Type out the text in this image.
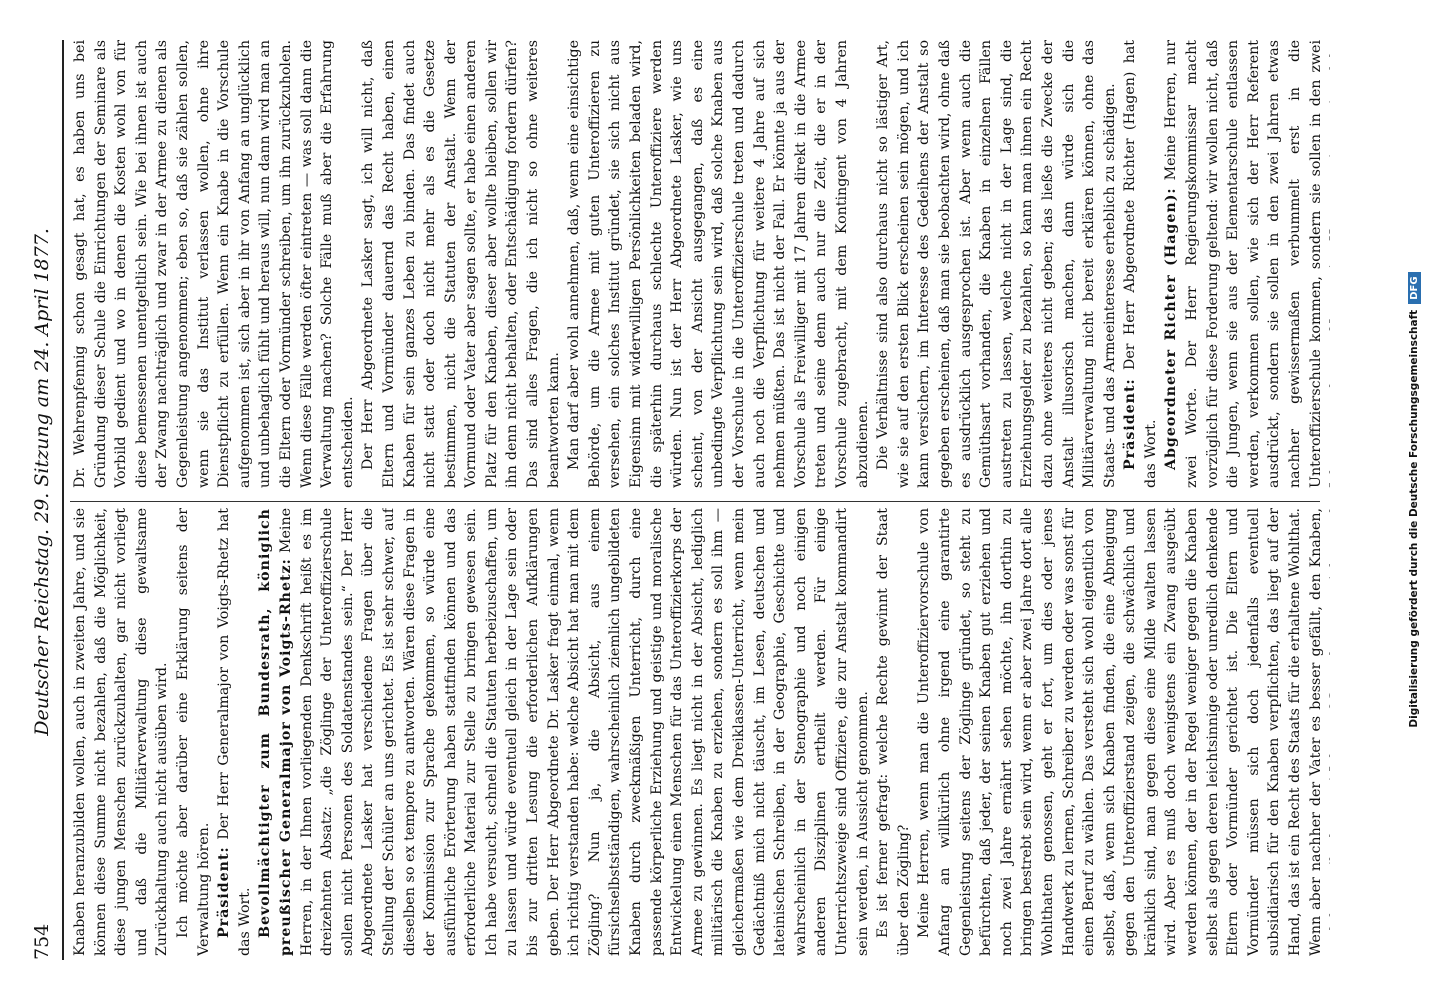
754
Deutscher Reichstag. 29. Sitzung am 24. April 1877. Knaben heranzubilden wollen, auch in zweiten Jahre, und sie können diese Summe nicht bezahlen, daß die Möglichkeit, diese jungen Menschen zurückzuhalten, gar nicht vorliegt und daß die Militärverwaltung diese gewaltsame Zurückhaltung auch nicht ausüben wird. Ich möchte aber darüber eine Erklärung seitens der Verwaltung hören. Präsident: Der Herr Generalmajor von Voigts-Rhetz hat das Wort. Bevollmächtigter zum Bundesrath, königlich preußischer Generalmajor von Voigts-Rhetz: Meine Herren, in der Ihnen vorliegenden Denkschrift heißt es im dreizehnten Absatz: „die Zöglinge der Unteroffizierschule sollen nicht Personen des Soldatenstandes sein.“ Der Herr Abgeordnete Lasker hat verschiedene Fragen über die Stellung der Schüler an uns gerichtet. Es ist sehr schwer, auf dieselben so ex tempore zu antworten. Wären diese Fragen in der Kommission zur Sprache gekommen, so würde eine ausführliche Erörterung haben stattfinden können und das erforderliche Material zur Stelle zu bringen gewesen sein. Ich habe versucht, schnell die Statuten herbeizuschaffen, um zu lassen und würde eventuell gleich in der Lage sein oder bis zur dritten Lesung die erforderlichen Aufklärungen geben. Der Herr Abgeordnete Dr. Lasker fragt einmal, wenn ich richtig verstanden habe: welche Absicht hat man mit dem Zögling? Nun ja, die Absicht, aus einem fürsichselbstständigen, wahrscheinlich ziemlich ungebildeten Knaben durch zweckmäßigen Unterricht, durch eine passende körperliche Erziehung und geistige und moralische Entwickelung einen Menschen für das Unteroffizierkorps der Armee zu gewinnen. Es liegt nicht in der Absicht, lediglich militärisch die Knaben zu erziehen, sondern es soll ihm — gleichermaßen wie dem Dreiklassen-Unterricht, wenn mein Gedächtniß mich nicht täuscht, im Lesen, deutschen und lateinischen Schreiben, in der Geographie, Geschichte und wahrscheinlich in der Stenographie und noch einigen anderen Disziplinen ertheilt werden. Für einige Unterrichtszweige sind Offiziere, die zur Anstalt kommandirt sein werden, in Aussicht genommen. Es ist ferner gefragt: welche Rechte gewinnt der Staat über den Zögling? Meine Herren, wenn man die Unteroffiziervorschule von Anfang an willkürlich ohne irgend eine garantirte Gegenleistung seitens der Zöglinge gründet, so steht zu befürchten, daß jeder, der seinen Knaben gut erziehen und noch zwei Jahre ernährt sehen möchte, ihn dorthin zu bringen bestrebt sein wird, wenn er aber zwei Jahre dort alle Wohlthaten genossen, geht er fort, um dies oder jenes Handwerk zu lernen, Schreiber zu werden oder was sonst für einen Beruf zu wählen. Das versteht sich wohl eigentlich von selbst, daß, wenn sich Knaben finden, die eine Abneigung gegen den Unteroffizierstand zeigen, die schwächlich und kränklich sind, man gegen diese eine Milde walten lassen wird. Aber es muß doch wenigstens ein Zwang ausgeübt werden können, der in der Regel weniger gegen die Knaben selbst als gegen deren leichtsinnige oder unredlich denkende Eltern oder Vormünder gerichtet ist. Die Eltern und Vormünder müssen sich doch jedenfalls eventuell subsidiarisch für den Knaben verpflichten, das liegt auf der Hand, das ist ein Recht des Staats für die erhaltene Wohlthat. Wenn aber nachher der Vater es besser gefällt, den Knaben,

Dr. Wehrenpfennig schon gesagt hat, es haben uns bei Gründung dieser Schule die Einrichtungen der Seminare als Vorbild gedient und wo in denen die Kosten wohl von für diese bemessenen unentgeltlich sein. Wie bei ihnen ist auch der Zwang nachträglich und zwar in der Armee zu dienen als Gegenleistung angenommen; eben so, daß sie zählen sollen, wenn sie das Institut verlassen wollen, ohne ihre Dienstpflicht zu erfüllen. Wenn ein Knabe in die Vorschule aufgenommen ist, sich aber in ihr von Anfang an unglücklich und unbehaglich fühlt und heraus will, nun dann wird man an die Eltern oder Vormünder schreiben, um ihn zurückzuholen. Wenn diese Fälle werden öfter eintreten — was soll dann die Verwaltung machen? Solche Fälle muß aber die Erfahrung entscheiden. Der Herr Abgeordnete Lasker sagt, ich will nicht, daß Eltern und Vormünder dauernd das Recht haben, einen Knaben für sein ganzes Leben zu binden. Das findet auch nicht statt oder doch nicht mehr als es die Gesetze bestimmen, nicht die Statuten der Anstalt. Wenn der Vormund oder Vater aber sagen sollte, er habe einen anderen Platz für den Knaben, dieser aber wollte bleiben, sollen wir ihn denn nicht behalten, oder Entschädigung fordern dürfen? Das sind alles Fragen, die ich nicht so ohne weiteres beantworten kann. Man darf aber wohl annehmen, daß, wenn eine einsichtige Behörde, um die Armee mit guten Unteroffizieren zu versehen, ein solches Institut gründet, sie sich nicht aus Eigensinn mit widerwilligen Persönlichkeiten beladen wird, die späterhin durchaus schlechte Unteroffiziere werden würden. Nun ist der Herr Abgeordnete Lasker, wie uns scheint, von der Ansicht ausgegangen, daß es eine unbedingte Verpflichtung sein wird, daß solche Knaben aus der Vorschule in die Unteroffizierschule treten und dadurch auch noch die Verpflichtung für weitere 4 Jahre auf sich nehmen müßten. Das ist nicht der Fall. Er könnte ja aus der Vorschule als Freiwilliger mit 17 Jahren direkt in die Armee treten und seine denn auch nur die Zeit, die er in der Vorschule zugebracht, mit dem Kontingent von 4 Jahren abzudienen. Die Verhältnisse sind also durchaus nicht so lästiger Art, wie sie auf den ersten Blick erscheinen sein mögen, und ich kann versichern, im Interesse des Gedeihens der Anstalt so gegeben erscheinen, daß man sie beobachten wird, ohne daß es ausdrücklich ausgesprochen ist. Aber wenn auch die Gemüthsart vorhanden, die Knaben in einzelnen Fällen austreten zu lassen, welche nicht in der Lage sind, die Erziehungsgelder zu bezahlen, so kann man ihnen ein Recht dazu ohne weiteres nicht geben; das ließe die Zwecke der Anstalt illusorisch machen, dann würde sich die Militärverwaltung nicht bereit erklären können, ohne das Staats- und das Armeeinteresse erheblich zu schädigen. Präsident: Der Herr Abgeordnete Richter (Hagen) hat das Wort. Abgeordneter Richter (Hagen): Meine Herren, nur zwei Worte. Der Herr Regierungskommissar macht vorzüglich für diese Forderung geltend: wir wollen nicht, daß die Jungen, wenn sie aus der Elementarschule entlassen werden, verkommen sollen, wie sich der Herr Referent ausdrückt, sondern sie sollen in den zwei Jahren etwas nachher gewissermaßen verbummelt erst in die Unteroffizierschule kommen, sondern sie sollen in den zwei

Digitalisierung gefördert durch die Deutsche Forschungsgemeinschaft
DFG
